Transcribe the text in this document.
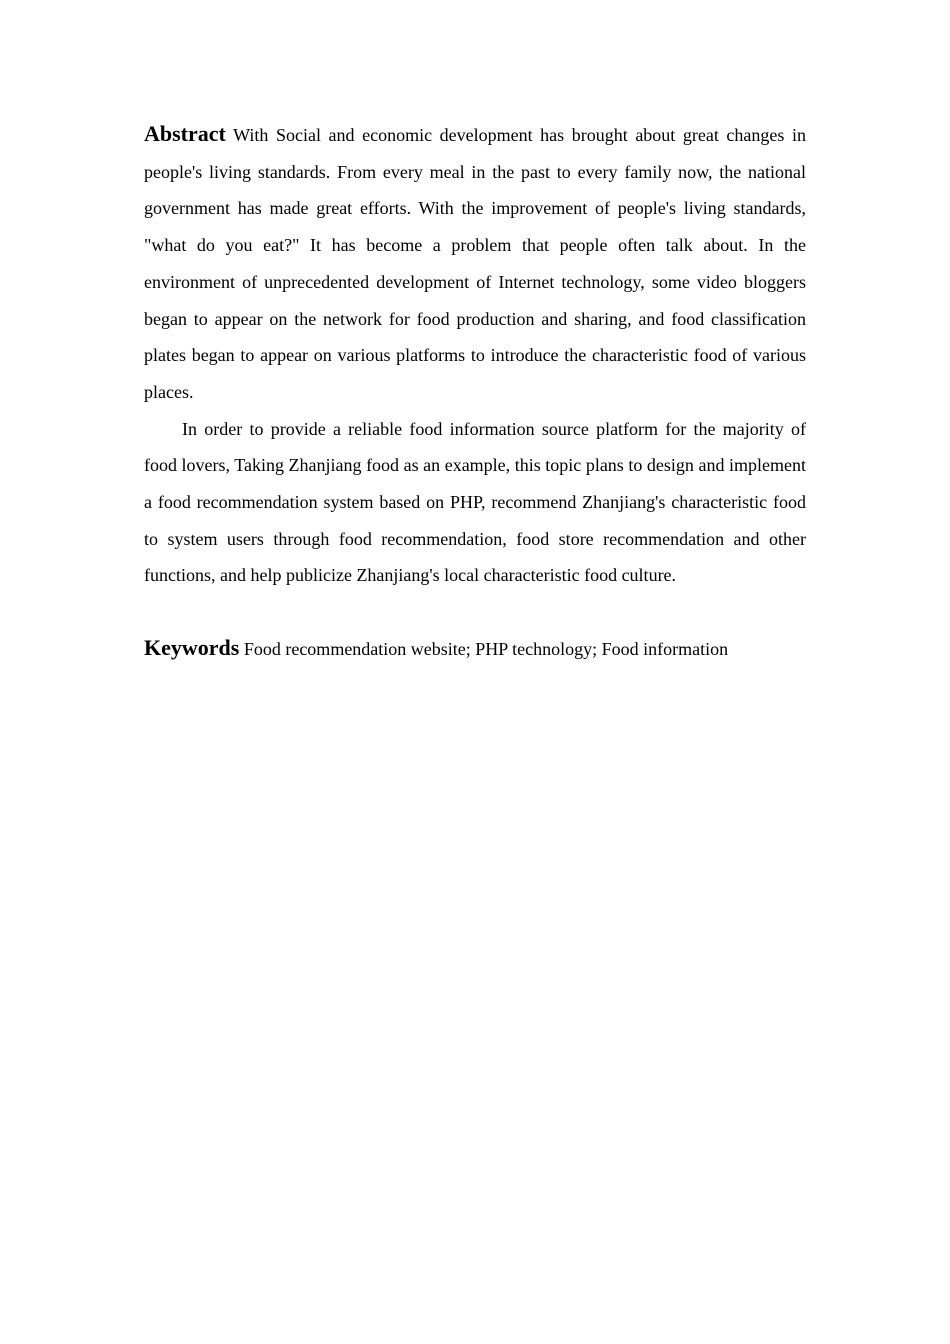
Abstract With Social and economic development has brought about great changes in people's living standards. From every meal in the past to every family now, the national government has made great efforts. With the improvement of people's living standards, "what do you eat?" It has become a problem that people often talk about. In the environment of unprecedented development of Internet technology, some video bloggers began to appear on the network for food production and sharing, and food classification plates began to appear on various platforms to introduce the characteristic food of various places.

In order to provide a reliable food information source platform for the majority of food lovers, Taking Zhanjiang food as an example, this topic plans to design and implement a food recommendation system based on PHP, recommend Zhanjiang's characteristic food to system users through food recommendation, food store recommendation and other functions, and help publicize Zhanjiang's local characteristic food culture.

Keywords Food recommendation website; PHP technology; Food information
